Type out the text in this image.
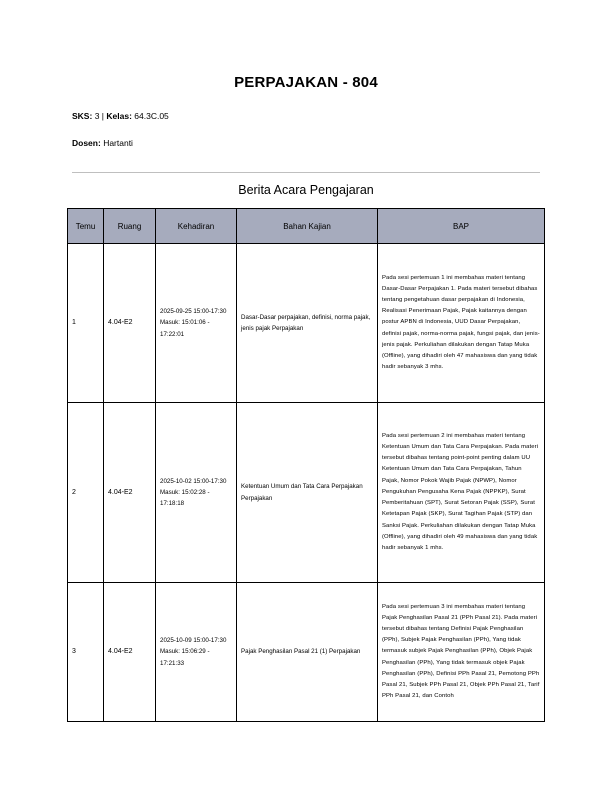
PERPAJAKAN - 804
SKS: 3 | Kelas: 64.3C.05
Dosen: Hartanti
Berita Acara Pengajaran
Temu	Ruang	Kehadiran	Bahan Kajian	BAP
1	4.04-E2	2025-09-25 15:00-17:30 Masuk: 15:01:06 - 17:22:01	Dasar-Dasar perpajakan, definisi, norma pajak, jenis pajak Perpajakan	Pada sesi pertemuan 1 ini membahas materi tentang Dasar-Dasar Perpajakan 1. Pada materi tersebut dibahas tentang pengetahuan dasar perpajakan di Indonesia, Realisasi Penerimaan Pajak, Pajak kaitannya dengan postur APBN di Indonesia, UUD Dasar Perpajakan, definisi pajak, norma-norma pajak, fungsi pajak, dan jenis-jenis pajak. Perkuliahan dilakukan dengan Tatap Muka (Offline), yang dihadiri oleh 47 mahasiswa dan yang tidak hadir sebanyak 3 mhs.
2	4.04-E2	2025-10-02 15:00-17:30 Masuk: 15:02:28 - 17:18:18	Ketentuan Umum dan Tata Cara Perpajakan Perpajakan	Pada sesi pertemuan 2 ini membahas materi tentang Ketentuan Umum dan Tata Cara Perpajakan. Pada materi tersebut dibahas tentang point-point penting dalam UU Ketentuan Umum dan Tata Cara Perpajakan, Tahun Pajak, Nomor Pokok Wajib Pajak (NPWP), Nomor Pengukuhan Pengusaha Kena Pajak (NPPKP), Surat Pemberitahuan (SPT), Surat Setoran Pajak (SSP), Surat Ketetapan Pajak (SKP), Surat Tagihan Pajak (STP) dan Sanksi Pajak. Perkuliahan dilakukan dengan Tatap Muka (Offline), yang dihadiri oleh 49 mahasiswa dan yang tidak hadir sebanyak 1 mhs.
3	4.04-E2	2025-10-09 15:00-17:30 Masuk: 15:06:29 - 17:21:33	Pajak Penghasilan Pasal 21 (1) Perpajakan	Pada sesi pertemuan 3 ini membahas materi tentang Pajak Penghasilan Pasal 21 (PPh Pasal 21). Pada materi tersebut dibahas tentang Definisi Pajak Penghasilan (PPh), Subjek Pajak Penghasilan (PPh), Yang tidak termasuk subjek Pajak Penghasilan (PPh), Objek Pajak Penghasilan (PPh), Yang tidak termasuk objek Pajak Penghasilan (PPh), Definisi PPh Pasal 21, Pemotong PPh Pasal 21, Subjek PPh Pasal 21, Objek PPh Pasal 21, Tarif PPh Pasal 21, dan Contoh
